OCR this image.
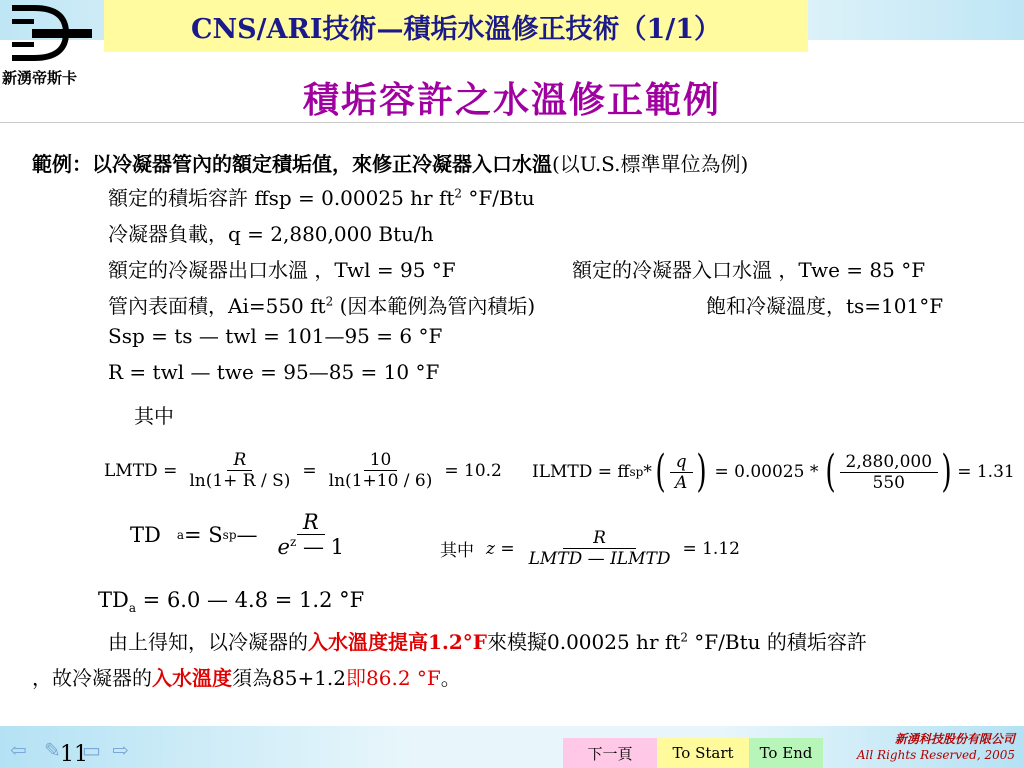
新湧帝斯卡
CNS/ARI技術—積垢水溫修正技術（1/1）
積垢容許之水溫修正範例
範例：以冷凝器管內的額定積垢值，來修正冷凝器入口水溫(以U.S.標準單位為例)
額定的積垢容許 ffsp = 0.00025 hr $ft^2$ °F/Btu
冷凝器負載，q = 2,880,000 Btu/h
額定的冷凝器出口水溫 ，Twl = 95 °F	額定的冷凝器入口水溫 ，Twe = 85 °F
管內表面積，Ai=550 $ft^2$ (因本範例為管內積垢)	飽和冷凝溫度，ts=101°F
Ssp = ts — twl = 101—95 = 6 °F
R = twl — twe = 95—85 = 10 °F
其中
LMTD = $\frac{R}{\ln(1+ R / S)} = \frac{10}{\ln(1+10 / 6)} = 10.2$ ILMTD = ff sp * ( $\frac{q}{A}$ ) = 0.00025 * ( $\frac{2,880,000}{550}$ ) = 1.31
TD a = S sp — $\frac{R}{e^z — 1}$	其中 $z = \frac{R}{\text{LMTD — ILMTD}} = 1.12$
$TD_a = 6.0$ — 4.8 = 1.2 °F
由上得知，以冷凝器的入水溫度提高1.2°F來模擬0.00025 hr $ft^2$ °F/Btu 的積垢容許
，故冷凝器的入水溫度須為85+1.2即86.2 °F。
⇦ ✎ ▭ ⇨
11	下一頁	To Start	To End
新湧科技股份有限公司
All Rights Reserved, 2005
